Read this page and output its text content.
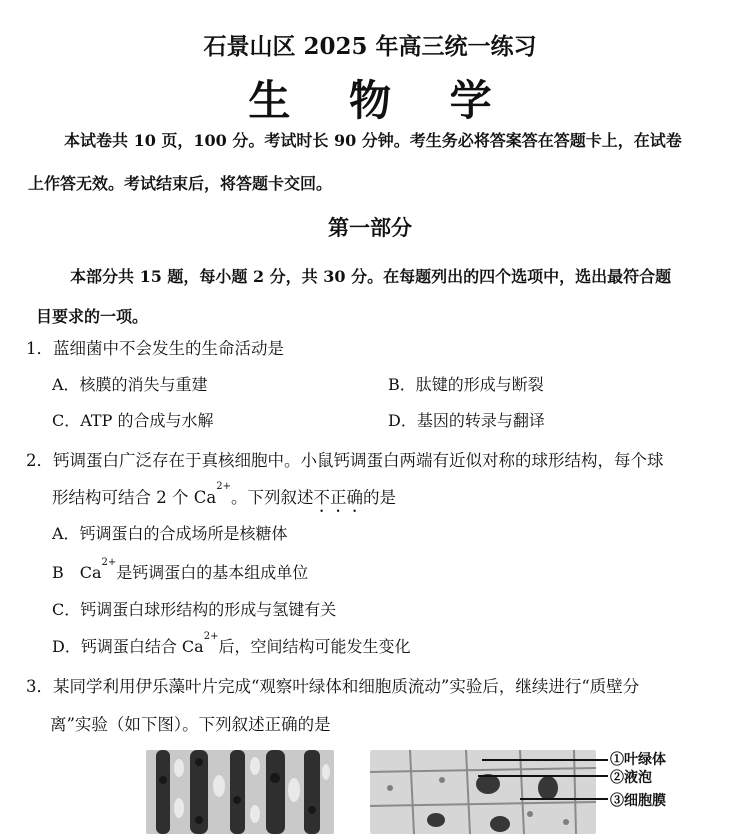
石景山区 2025 年高三统一练习
生 物 学
本试卷共 10 页，100 分。考试时长 90 分钟。考生务必将答案答在答题卡上，在试卷
上作答无效。考试结束后，将答题卡交回。
第一部分
本部分共 15 题，每小题 2 分，共 30 分。在每题列出的四个选项中，选出最符合题
目要求的一项。
1．蓝细菌中不会发生的生命活动是
A．核膜的消失与重建	B．肽键的形成与断裂
C．ATP 的合成与水解	D．基因的转录与翻译
2．钙调蛋白广泛存在于真核细胞中。小鼠钙调蛋白两端有近似对称的球形结构，每个球
形结构可结合 2 个 $Ca^{2+}$。下列叙述不正确的是
A．钙调蛋白的合成场所是核糖体
B　$Ca^{2+}$是钙调蛋白的基本组成单位
C．钙调蛋白球形结构的形成与氢键有关
D．钙调蛋白结合 $Ca^{2+}$后，空间结构可能发生变化
3．某同学利用伊乐藻叶片完成“观察叶绿体和细胞质流动”实验后，继续进行“质壁分
离”实验（如下图）。下列叙述正确的是
①叶绿体
②液泡
③细胞膜
